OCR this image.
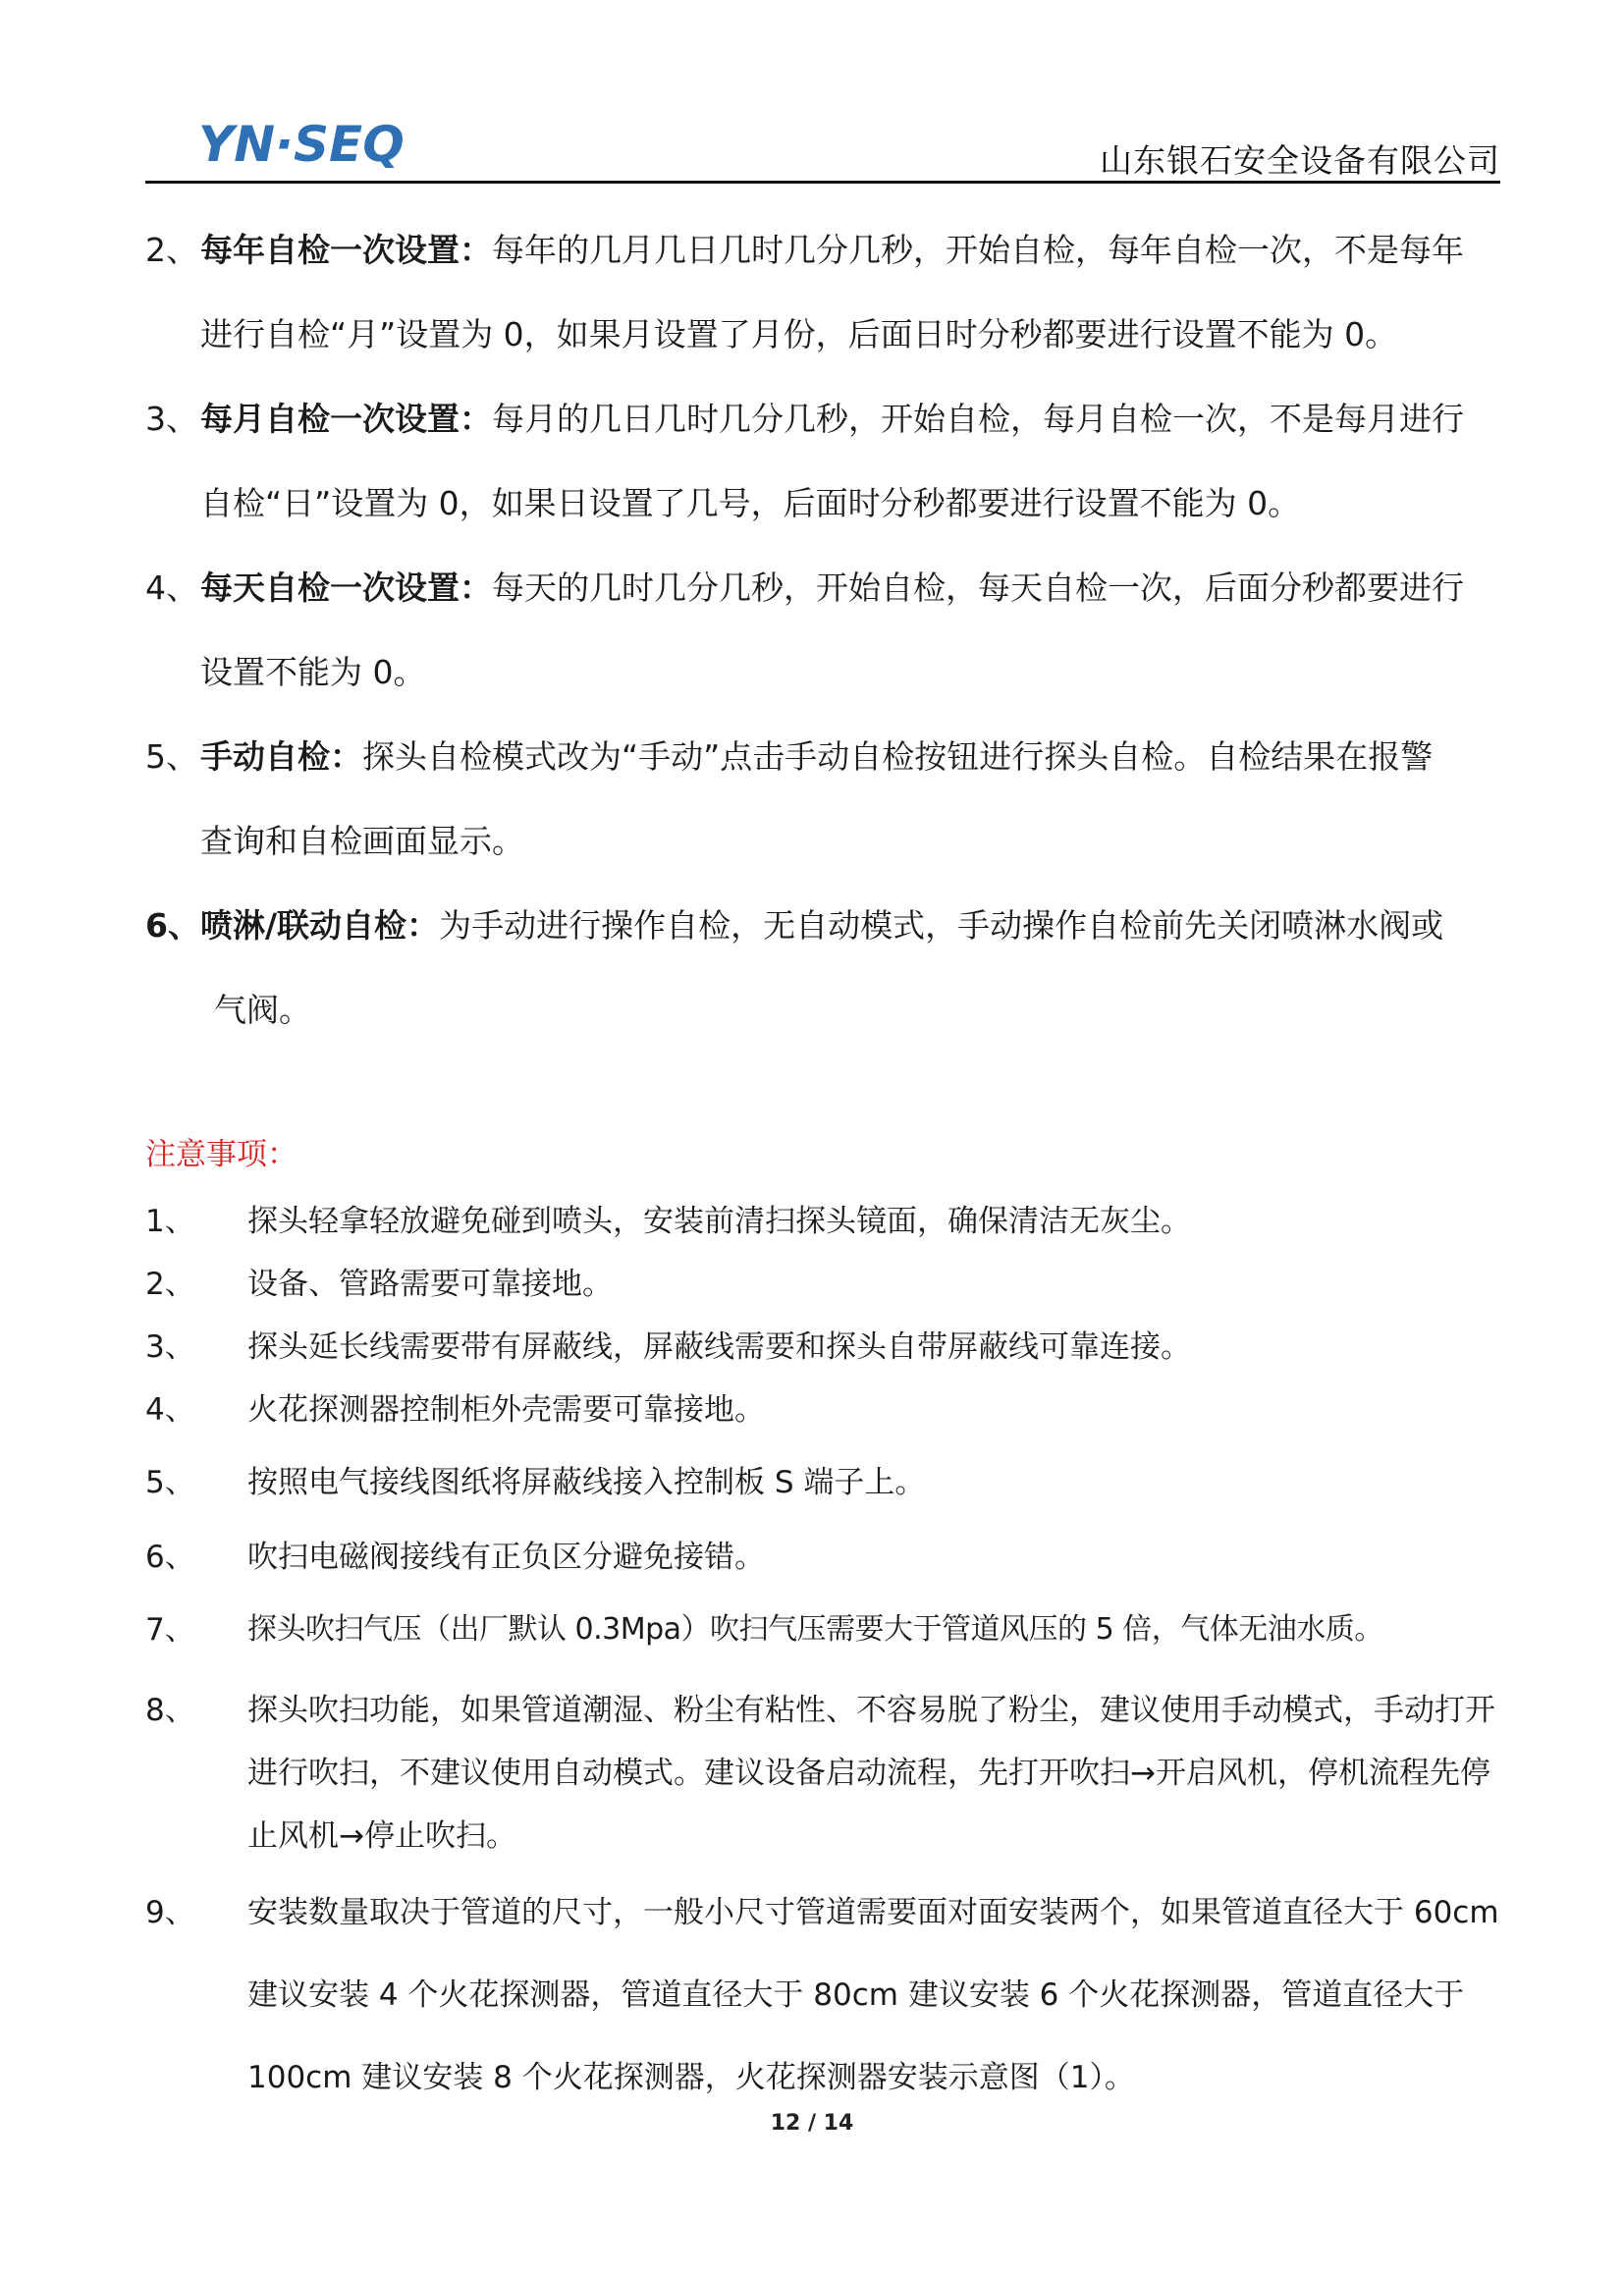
YN·SEQ	山东银石安全设备有限公司
2、每年自检一次设置：每年的几月几日几时几分几秒，开始自检，每年自检一次，不是每年
进行自检“月”设置为 0，如果月设置了月份，后面日时分秒都要进行设置不能为 0。
3、每月自检一次设置：每月的几日几时几分几秒，开始自检，每月自检一次，不是每月进行
自检“日”设置为 0，如果日设置了几号，后面时分秒都要进行设置不能为 0。
4、每天自检一次设置：每天的几时几分几秒，开始自检，每天自检一次，后面分秒都要进行
设置不能为 0。
5、手动自检：探头自检模式改为“手动”点击手动自检按钮进行探头自检。自检结果在报警
查询和自检画面显示。
6、喷淋/联动自检：为手动进行操作自检，无自动模式，手动操作自检前先关闭喷淋水阀或
气阀。
注意事项：
1、 探头轻拿轻放避免碰到喷头，安装前清扫探头镜面，确保清洁无灰尘。
2、 设备、管路需要可靠接地。
3、 探头延长线需要带有屏蔽线，屏蔽线需要和探头自带屏蔽线可靠连接。
4、 火花探测器控制柜外壳需要可靠接地。
5、 按照电气接线图纸将屏蔽线接入控制板 S 端子上。
6、 吹扫电磁阀接线有正负区分避免接错。
7、 探头吹扫气压（出厂默认 0.3Mpa）吹扫气压需要大于管道风压的 5 倍，气体无油水质。
8、 探头吹扫功能，如果管道潮湿、粉尘有粘性、不容易脱了粉尘，建议使用手动模式，手动打开进行吹扫，不建议使用自动模式。建议设备启动流程，先打开吹扫→开启风机，停机流程先停止风机→停止吹扫。
9、 安装数量取决于管道的尺寸，一般小尺寸管道需要面对面安装两个，如果管道直径大于 60cm 建议安装 4 个火花探测器，管道直径大于 80cm 建议安装 6 个火花探测器，管道直径大于 100cm 建议安装 8 个火花探测器，火花探测器安装示意图（1）。
12 / 14
